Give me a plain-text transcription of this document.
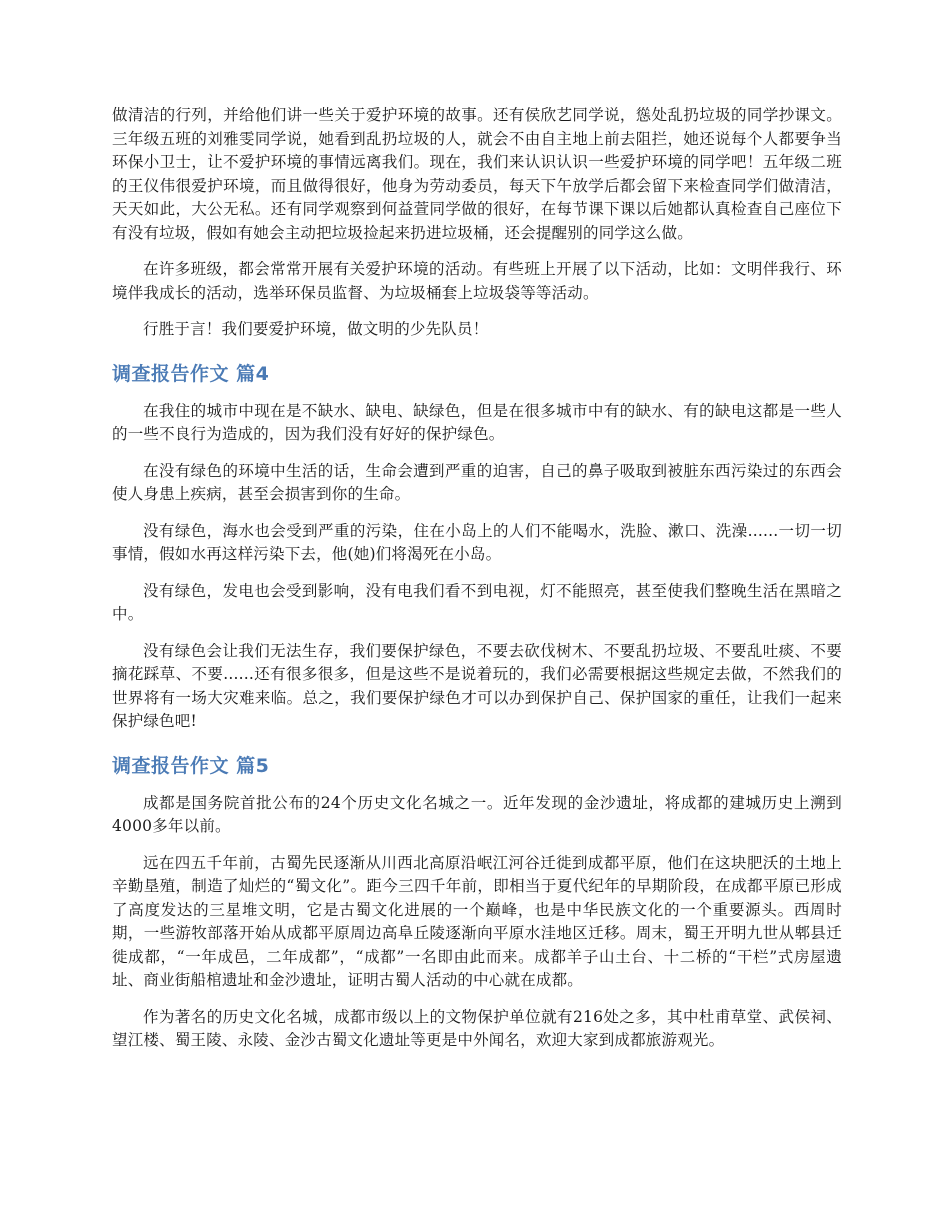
做清洁的行列，并给他们讲一些关于爱护环境的故事。还有侯欣艺同学说，慫处乱扔垃圾的同学抄课文。三年级五班的刘雅雯同学说，她看到乱扔垃圾的人，就会不由自主地上前去阻拦，她还说每个人都要争当环保小卫士，让不爱护环境的事情远离我们。现在，我们来认识认识一些爱护环境的同学吧！五年级二班的王仪伟很爱护环境，而且做得很好，他身为劳动委员，每天下午放学后都会留下来检查同学们做清洁，天天如此，大公无私。还有同学观察到何益萱同学做的很好，在每节课下课以后她都认真检查自己座位下有没有垃圾，假如有她会主动把垃圾捡起来扔进垃圾桶，还会提醒别的同学这么做。

在许多班级，都会常常开展有关爱护环境的活动。有些班上开展了以下活动，比如：文明伴我行、环境伴我成长的活动，选举环保员监督、为垃圾桶套上垃圾袋等等活动。

行胜于言！我们要爱护环境，做文明的少先队员！

调查报告作文 篇4

在我住的城市中现在是不缺水、缺电、缺绿色，但是在很多城市中有的缺水、有的缺电这都是一些人的一些不良行为造成的，因为我们没有好好的保护绿色。

在没有绿色的环境中生活的话，生命会遭到严重的迫害，自己的鼻子吸取到被脏东西污染过的东西会使人身患上疾病，甚至会损害到你的生命。

没有绿色，海水也会受到严重的污染，住在小岛上的人们不能喝水，洗脸、漱口、洗澡......一切一切事情，假如水再这样污染下去，他(她)们将渴死在小岛。

没有绿色，发电也会受到影响，没有电我们看不到电视，灯不能照亮，甚至使我们整晚生活在黑暗之中。

没有绿色会让我们无法生存，我们要保护绿色，不要去砍伐树木、不要乱扔垃圾、不要乱吐痰、不要摘花踩草、不要......还有很多很多，但是这些不是说着玩的，我们必需要根据这些规定去做，不然我们的世界将有一场大灾难来临。总之，我们要保护绿色才可以办到保护自己、保护国家的重任，让我们一起来保护绿色吧!

调查报告作文 篇5

成都是国务院首批公布的24个历史文化名城之一。近年发现的金沙遗址，将成都的建城历史上溯到4000多年以前。

远在四五千年前，古蜀先民逐渐从川西北高原沿岷江河谷迁徙到成都平原，他们在这块肥沃的土地上辛勤垦殖，制造了灿烂的“蜀文化”。距今三四千年前，即相当于夏代纪年的早期阶段，在成都平原已形成了高度发达的三星堆文明，它是古蜀文化进展的一个巅峰，也是中华民族文化的一个重要源头。西周时期，一些游牧部落开始从成都平原周边高阜丘陵逐渐向平原水洼地区迁移。周末，蜀王开明九世从郫县迁徙成都，“一年成邑，二年成都”，“成都”一名即由此而来。成都羊子山土台、十二桥的“干栏”式房屋遗址、商业街船棺遗址和金沙遗址，证明古蜀人活动的中心就在成都。

作为著名的历史文化名城，成都市级以上的文物保护单位就有216处之多，其中杜甫草堂、武侯祠、望江楼、蜀王陵、永陵、金沙古蜀文化遗址等更是中外闻名，欢迎大家到成都旅游观光。
